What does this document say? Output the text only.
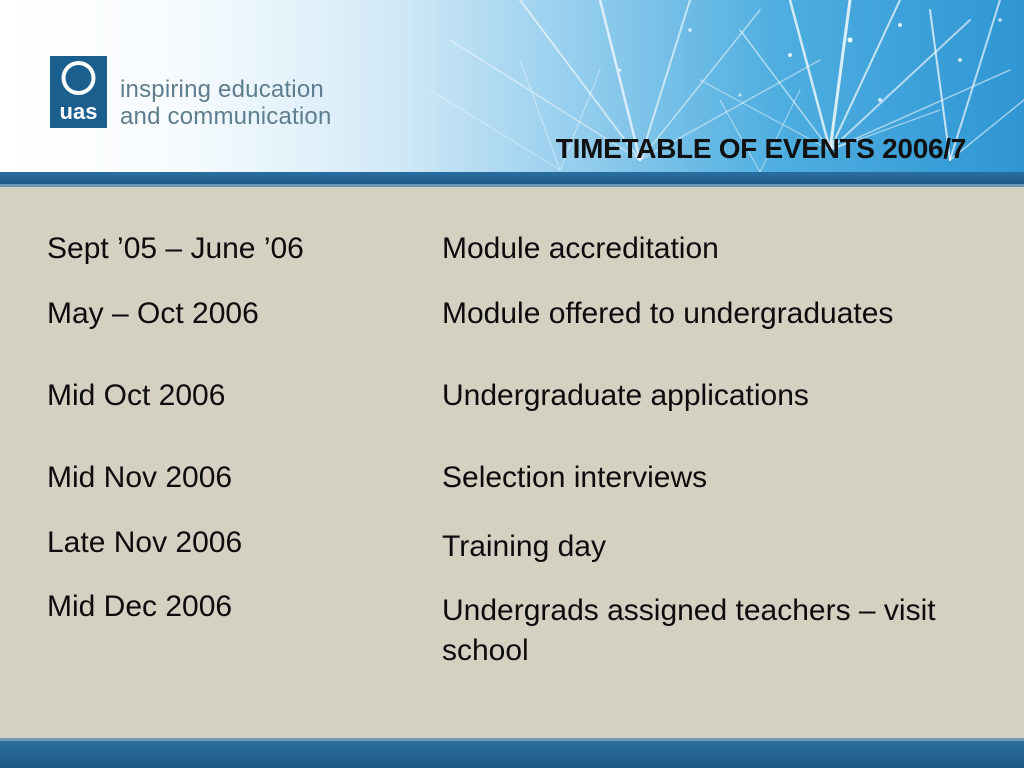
uas
inspiring education
and communication
TIMETABLE OF EVENTS 2006/7
Sept ’05 – June ’06	Module accreditation
May – Oct 2006	Module offered to undergraduates
Mid Oct 2006	Undergraduate applications
Mid Nov 2006	Selection interviews
Late Nov 2006	Training day
Mid Dec 2006	Undergrads assigned teachers – visit school
